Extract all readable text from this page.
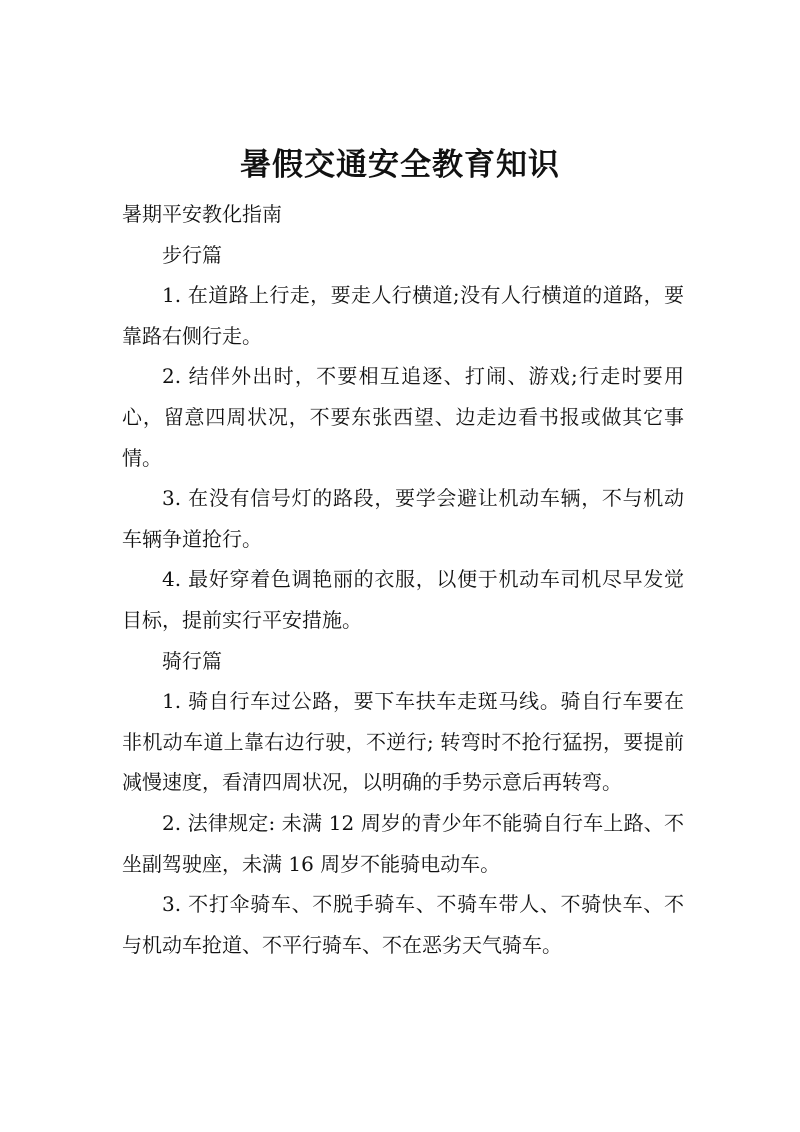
暑假交通安全教育知识

暑期平安教化指南

步行篇

1. 在道路上行走，要走人行横道;没有人行横道的道路，要靠路右侧行走。

2. 结伴外出时，不要相互追逐、打闹、游戏;行走时要用心，留意四周状况，不要东张西望、边走边看书报或做其它事情。

3. 在没有信号灯的路段，要学会避让机动车辆，不与机动车辆争道抢行。

4. 最好穿着色调艳丽的衣服，以便于机动车司机尽早发觉目标，提前实行平安措施。

骑行篇

1. 骑自行车过公路，要下车扶车走斑马线。骑自行车要在非机动车道上靠右边行驶，不逆行; 转弯时不抢行猛拐，要提前减慢速度，看清四周状况，以明确的手势示意后再转弯。

2. 法律规定: 未满 12 周岁的青少年不能骑自行车上路、不坐副驾驶座，未满 16 周岁不能骑电动车。

3. 不打伞骑车、不脱手骑车、不骑车带人、不骑快车、不与机动车抢道、不平行骑车、不在恶劣天气骑车。
